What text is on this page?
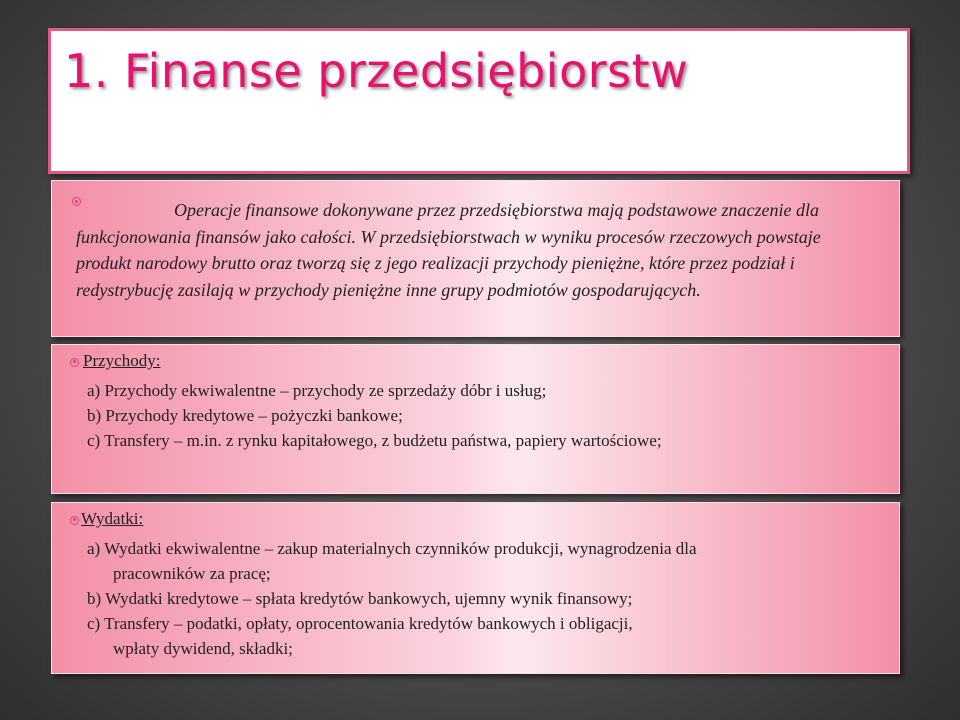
1. Finanse przedsiębiorstw

Operacje finansowe dokonywane przez przedsiębiorstwa mają podstawowe znaczenie dla funkcjonowania finansów jako całości. W przedsiębiorstwach w wyniku procesów rzeczowych powstaje produkt narodowy brutto oraz tworzą się z jego realizacji przychody pieniężne, które przez podział i redystrybucję zasilają w przychody pieniężne inne grupy podmiotów gospodarujących.

Przychody:
a) Przychody ekwiwalentne – przychody ze sprzedaży dóbr i usług;
b) Przychody kredytowe – pożyczki bankowe;
c) Transfery – m.in. z rynku kapitałowego, z budżetu państwa, papiery wartościowe;
Wydatki:
a) Wydatki ekwiwalentne – zakup materialnych czynników produkcji, wynagrodzenia dla
pracowników za pracę;
b) Wydatki kredytowe – spłata kredytów bankowych, ujemny wynik finansowy;
c) Transfery – podatki, opłaty, oprocentowania kredytów bankowych i obligacji,
wpłaty dywidend, składki;
